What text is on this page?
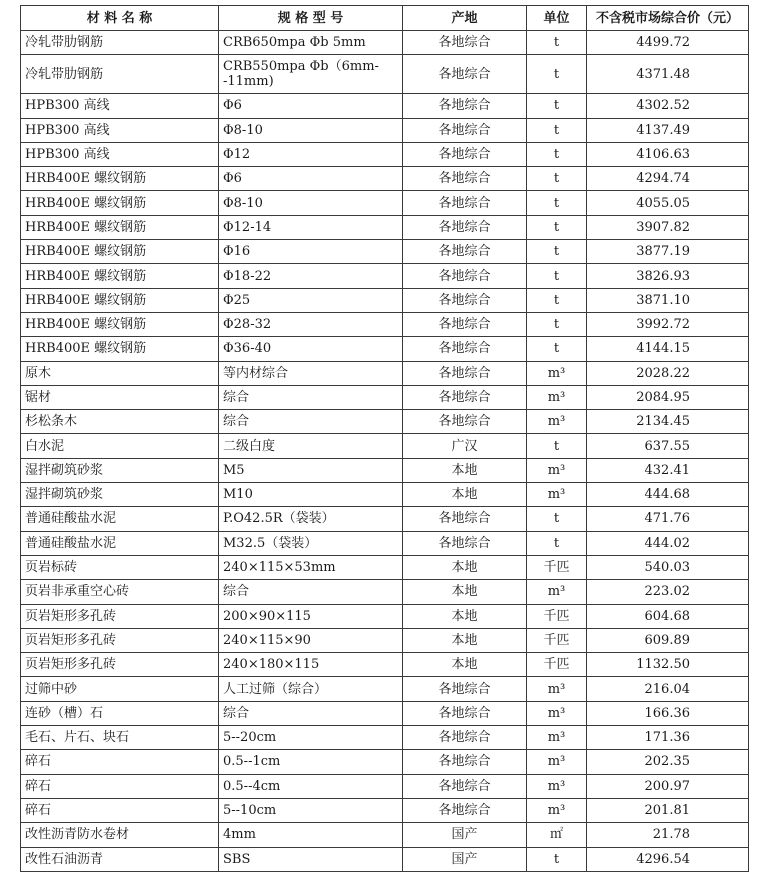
材 料 名 称	规 格 型 号	产地	单位	不含税市场综合价（元）
冷轧带肋钢筋	CRB650mpa Φb 5mm	各地综合	t	4499.72
冷轧带肋钢筋	CRB550mpa Φb（6mm--11mm)	各地综合	t	4371.48
HPB300 高线	Φ6	各地综合	t	4302.52
HPB300 高线	Φ8-10	各地综合	t	4137.49
HPB300 高线	Φ12	各地综合	t	4106.63
HRB400E 螺纹钢筋	Φ6	各地综合	t	4294.74
HRB400E 螺纹钢筋	Φ8-10	各地综合	t	4055.05
HRB400E 螺纹钢筋	Φ12-14	各地综合	t	3907.82
HRB400E 螺纹钢筋	Φ16	各地综合	t	3877.19
HRB400E 螺纹钢筋	Φ18-22	各地综合	t	3826.93
HRB400E 螺纹钢筋	Φ25	各地综合	t	3871.10
HRB400E 螺纹钢筋	Φ28-32	各地综合	t	3992.72
HRB400E 螺纹钢筋	Φ36-40	各地综合	t	4144.15
原木	等内材综合	各地综合	m³	2028.22
锯材	综合	各地综合	m³	2084.95
杉松条木	综合	各地综合	m³	2134.45
白水泥	二级白度	广汉	t	637.55
湿拌砌筑砂浆	M5	本地	m³	432.41
湿拌砌筑砂浆	M10	本地	m³	444.68
普通硅酸盐水泥	P.O42.5R（袋装）	各地综合	t	471.76
普通硅酸盐水泥	M32.5（袋装）	各地综合	t	444.02
页岩标砖	240×115×53mm	本地	千匹	540.03
页岩非承重空心砖	综合	本地	m³	223.02
页岩矩形多孔砖	200×90×115	本地	千匹	604.68
页岩矩形多孔砖	240×115×90	本地	千匹	609.89
页岩矩形多孔砖	240×180×115	本地	千匹	1132.50
过筛中砂	人工过筛（综合）	各地综合	m³	216.04
连砂（槽）石	综合	各地综合	m³	166.36
毛石、片石、块石	5--20cm	各地综合	m³	171.36
碎石	0.5--1cm	各地综合	m³	202.35
碎石	0.5--4cm	各地综合	m³	200.97
碎石	5--10cm	各地综合	m³	201.81
改性沥青防水卷材	4mm	国产	㎡	21.78
改性石油沥青	SBS	国产	t	4296.54
